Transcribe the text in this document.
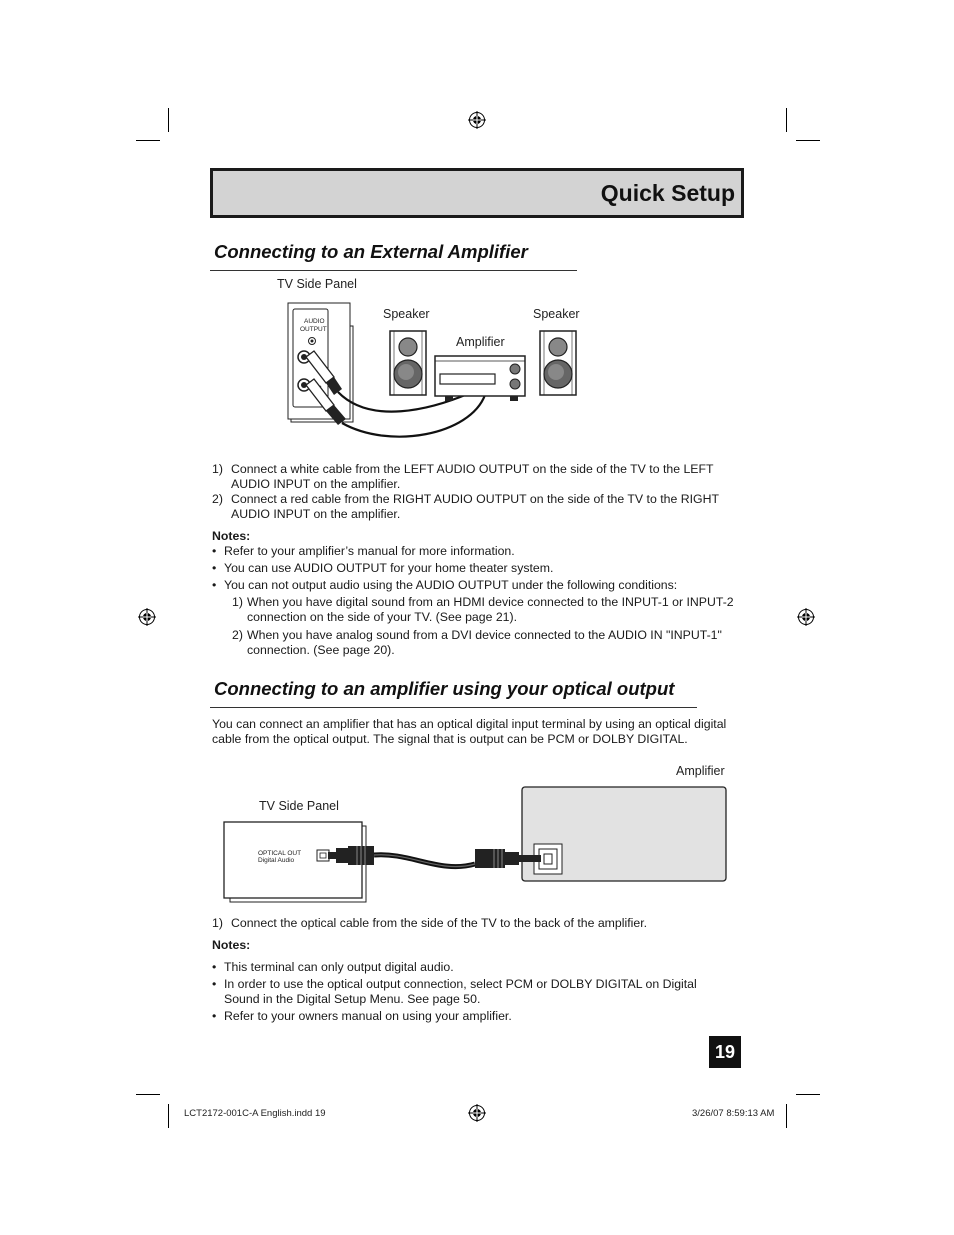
Quick Setup
Connecting to an External Amplifier
TV Side Panel
Speaker	Speaker
Amplifier
AUDIO
OUTPUT
1) Connect a white cable from the LEFT AUDIO OUTPUT on the side of the TV to the LEFT AUDIO INPUT on the amplifier.
2) Connect a red cable from the RIGHT AUDIO OUTPUT on the side of the TV to the RIGHT AUDIO INPUT on the amplifier.
Notes:
• Refer to your amplifier’s manual for more information.
• You can use AUDIO OUTPUT for your home theater system.
• You can not output audio using the AUDIO OUTPUT under the following conditions:
1) When you have digital sound from an HDMI device connected to the INPUT-1 or INPUT-2 connection on the side of your TV. (See page 21).
2) When you have analog sound from a DVI device connected to the AUDIO IN "INPUT-1" connection. (See page 20).
Connecting to an amplifier using your optical output
You can connect an amplifier that has an optical digital input terminal by using an optical digital cable from the optical output. The signal that is output can be PCM or DOLBY DIGITAL.
Amplifier
TV Side Panel
OPTICAL OUT
Digital Audio
1) Connect the optical cable from the side of the TV to the back of the amplifier.
Notes:
• This terminal can only output digital audio.
• In order to use the optical output connection, select PCM or DOLBY DIGITAL on Digital Sound in the Digital Setup Menu. See page 50.
• Refer to your owners manual on using your amplifier.
19
LCT2172-001C-A English.indd 19	3/26/07 8:59:13 AM
